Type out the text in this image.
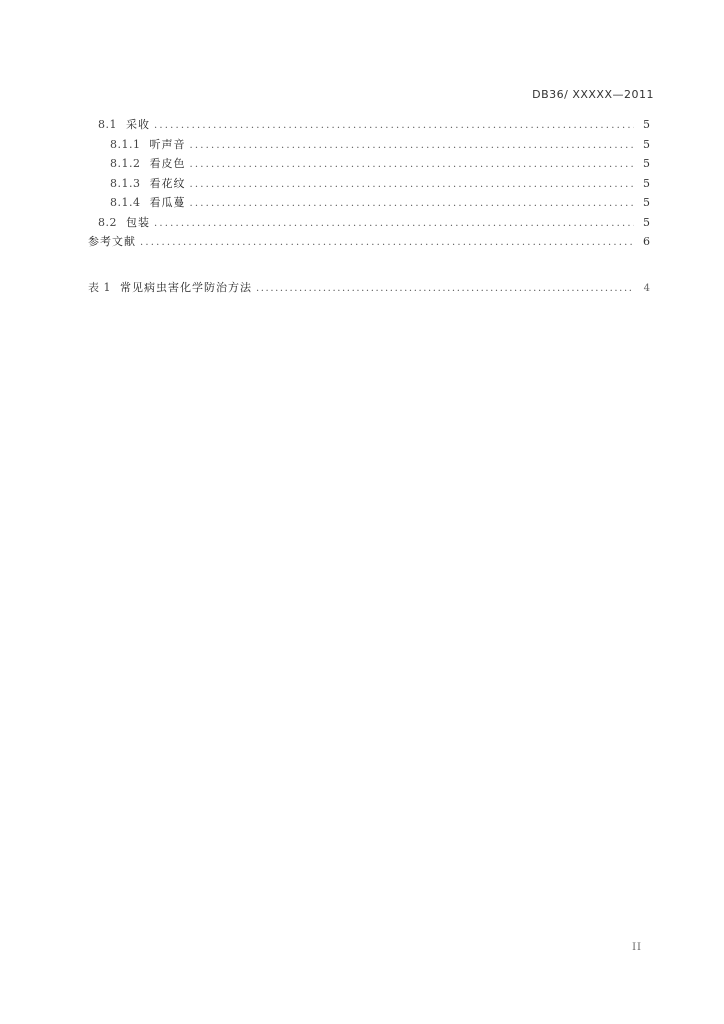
DB36/ XXXXX—2011
8.1 采收 .....	5
8.1.1 听声音 .....	5
8.1.2 看皮色 .....	5
8.1.3 看花纹 .....	5
8.1.4 看瓜蔓 .....	5
8.2 包装 .....	5
参考文献 .....	6
表 1 常见病虫害化学防治方法 .....	4
II
